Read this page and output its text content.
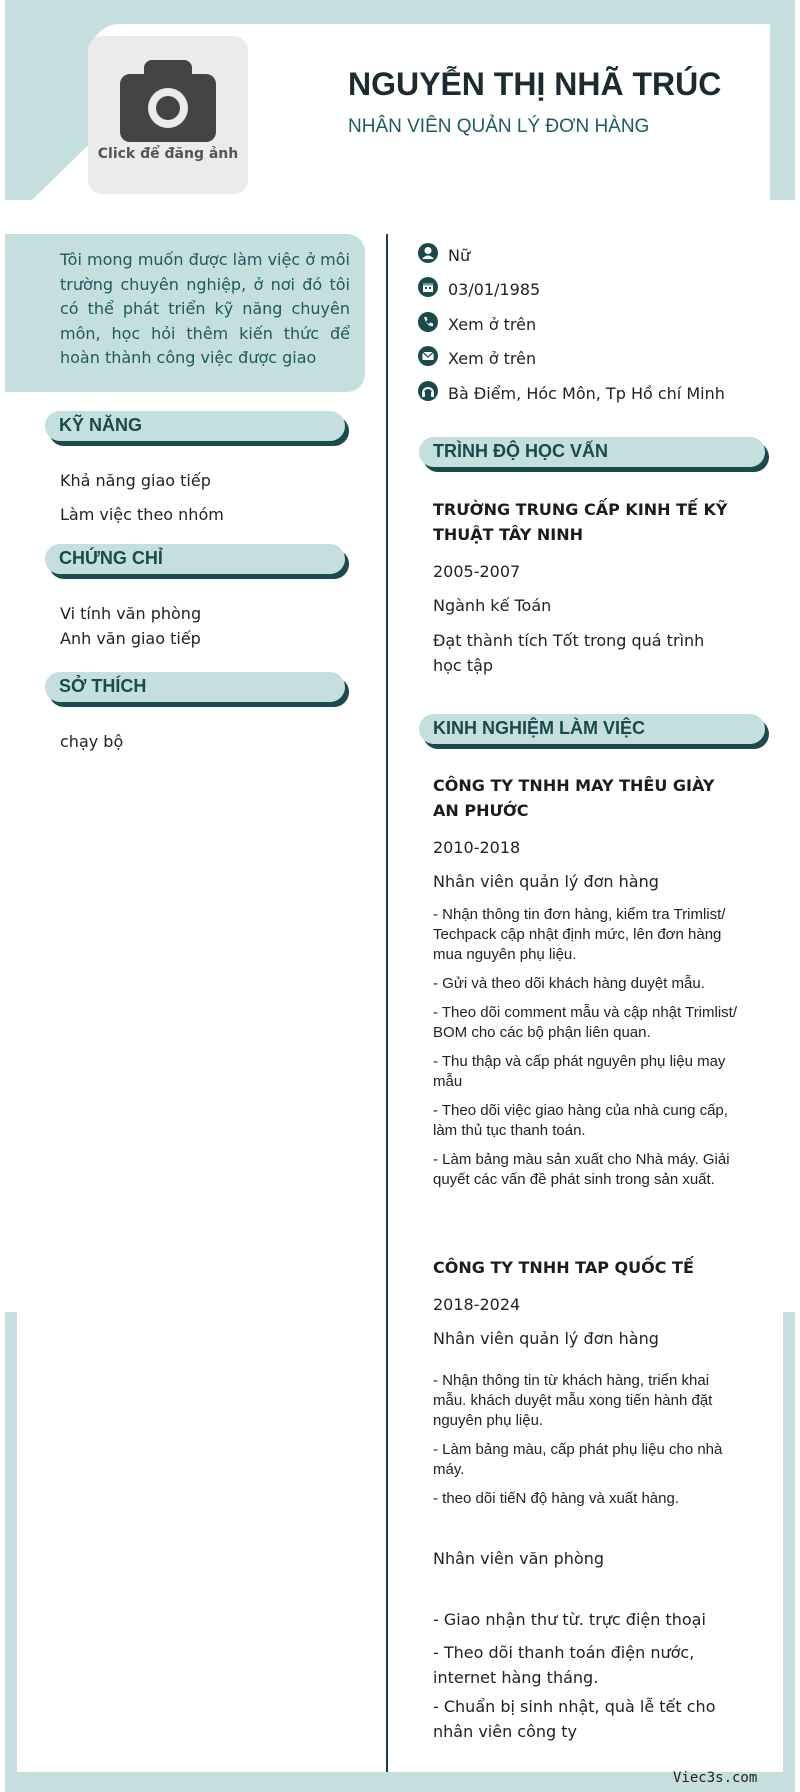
Click để đăng ảnh
NGUYỄN THỊ NHÃ TRÚC
NHÂN VIÊN QUẢN LÝ ĐƠN HÀNG

Tôi mong muốn được làm việc ở môi trường chuyên nghiệp, ở nơi đó tôi có thể phát triển kỹ năng chuyên môn, học hỏi thêm kiến thức để hoàn thành công việc được giao

KỸ NĂNG
Khả năng giao tiếp
Làm việc theo nhóm
CHỨNG CHỈ
Vi tính văn phòng
Anh văn giao tiếp
SỞ THÍCH
chạy bộ
Nữ
03/01/1985
Xem ở trên
Xem ở trên
Bà Điểm, Hóc Môn, Tp Hồ chí Minh
TRÌNH ĐỘ HỌC VẤN
TRƯỜNG TRUNG CẤP KINH TẾ KỸ THUẬT TÂY NINH
2005-2007
Ngành kế Toán
Đạt thành tích Tốt trong quá trình học tập
KINH NGHIỆM LÀM VIỆC
CÔNG TY TNHH MAY THÊU GIÀY AN PHƯỚC
2010-2018
Nhân viên quản lý đơn hàng
- Nhận thông tin đơn hàng, kiểm tra Trimlist/ Techpack cập nhật định mức, lên đơn hàng mua nguyên phụ liệu.
- Gửi và theo dõi khách hàng duyệt mẫu.
- Theo dõi comment mẫu và cập nhật Trimlist/ BOM cho các bộ phận liên quan.
- Thu thập và cấp phát nguyên phụ liệu may mẫu
- Theo dõi việc giao hàng của nhà cung cấp, làm thủ tục thanh toán.
- Làm bảng màu sản xuất cho Nhà máy. Giải quyết các vấn đề phát sinh trong sản xuất.
CÔNG TY TNHH TAP QUỐC TẾ
2018-2024
Nhân viên quản lý đơn hàng
- Nhận thông tin từ khách hàng, triển khai mẫu. khách duyệt mẫu xong tiến hành đặt nguyên phụ liệu.
- Làm bảng màu, cấp phát phụ liệu cho nhà máy.
- theo dõi tiếN độ hàng và xuất hàng.
Nhân viên văn phòng
- Giao nhận thư từ. trực điện thoại
- Theo dõi thanh toán điện nước, internet hàng tháng.
- Chuẩn bị sinh nhật, quà lễ tết cho nhân viên công ty
Viec3s.com
